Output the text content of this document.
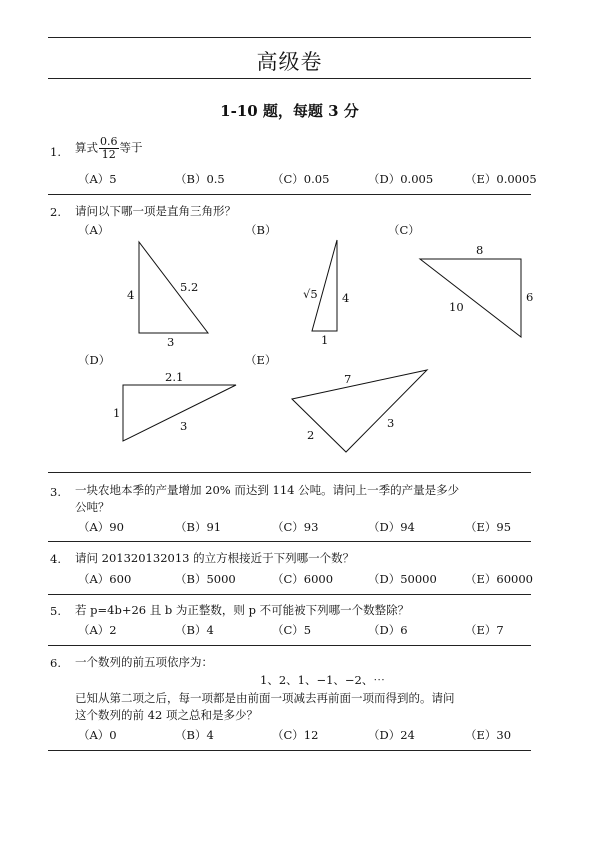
高级卷
1-10 题，每题 3 分
1. 算式 $\frac{0.6}{12}$ 等于
（A）5	（B）0.5	（C）0.05	（D）0.005	（E）0.0005
2. 请问以下哪一项是直角三角形？
（A）	（B）	（C）
（D）	（E）
4
5.2
3
√5 4
1
8
6
10
2.1
1
3
7
2
3
3. 一块农地本季的产量增加 20% 而达到 114 公吨。请问上一季的产量是多少
公吨？
（A）90	（B）91	（C）93	（D）94	（E）95
4. 请问 201320132013 的立方根接近于下列哪一个数？
（A）600	（B）5000	（C）6000	（D）50000 （E）60000
5. 若 p=4b+26 且 b 为正整数，则 p 不可能被下列哪一个数整除？
（A）2	（B）4	（C）5	（D）6	（E）7
6. 一个数列的前五项依序为：
1、2、1、−1、−2、⋯
已知从第二项之后，每一项都是由前面一项减去再前面一项而得到的。请问
这个数列的前 42 项之总和是多少？
（A）0	（B）4	（C）12	（D）24	（E）30
